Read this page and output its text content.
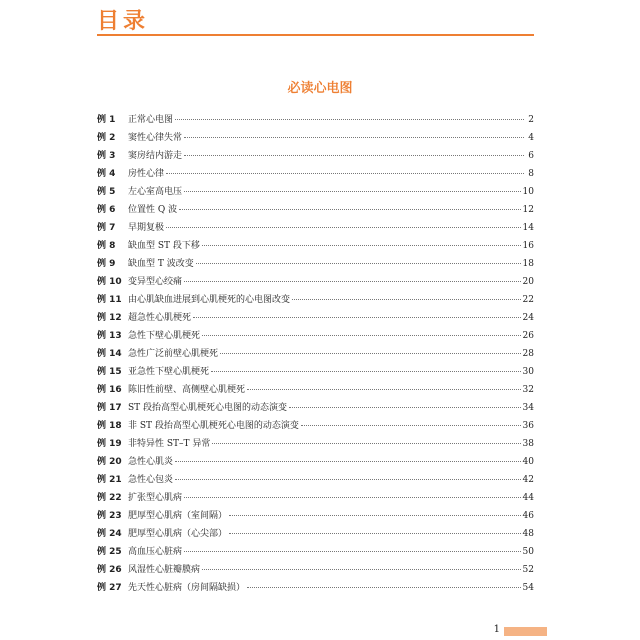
目录
必读心电图
例 1	正常心电图	2
例 2	窦性心律失常	4
例 3	窦房结内游走	6
例 4	房性心律	8
例 5	左心室高电压	10
例 6	位置性 Q 波	12
例 7	早期复极	14
例 8	缺血型 ST 段下移	16
例 9	缺血型 T 波改变	18
例 10 变异型心绞痛	20
例 11 由心肌缺血进展到心肌梗死的心电图改变	22
例 12 超急性心肌梗死	24
例 13 急性下壁心肌梗死	26
例 14 急性广泛前壁心肌梗死	28
例 15 亚急性下壁心肌梗死	30
例 16 陈旧性前壁、高侧壁心肌梗死	32
例 17 ST 段抬高型心肌梗死心电图的动态演变	34
例 18 非 ST 段抬高型心肌梗死心电图的动态演变	36
例 19 非特异性 ST–T 异常	38
例 20 急性心肌炎	40
例 21 急性心包炎	42
例 22 扩张型心肌病	44
例 23 肥厚型心肌病（室间隔）	46
例 24 肥厚型心肌病（心尖部）	48
例 25 高血压心脏病	50
例 26 风湿性心脏瓣膜病	52
例 27 先天性心脏病（房间隔缺损）	54
1
